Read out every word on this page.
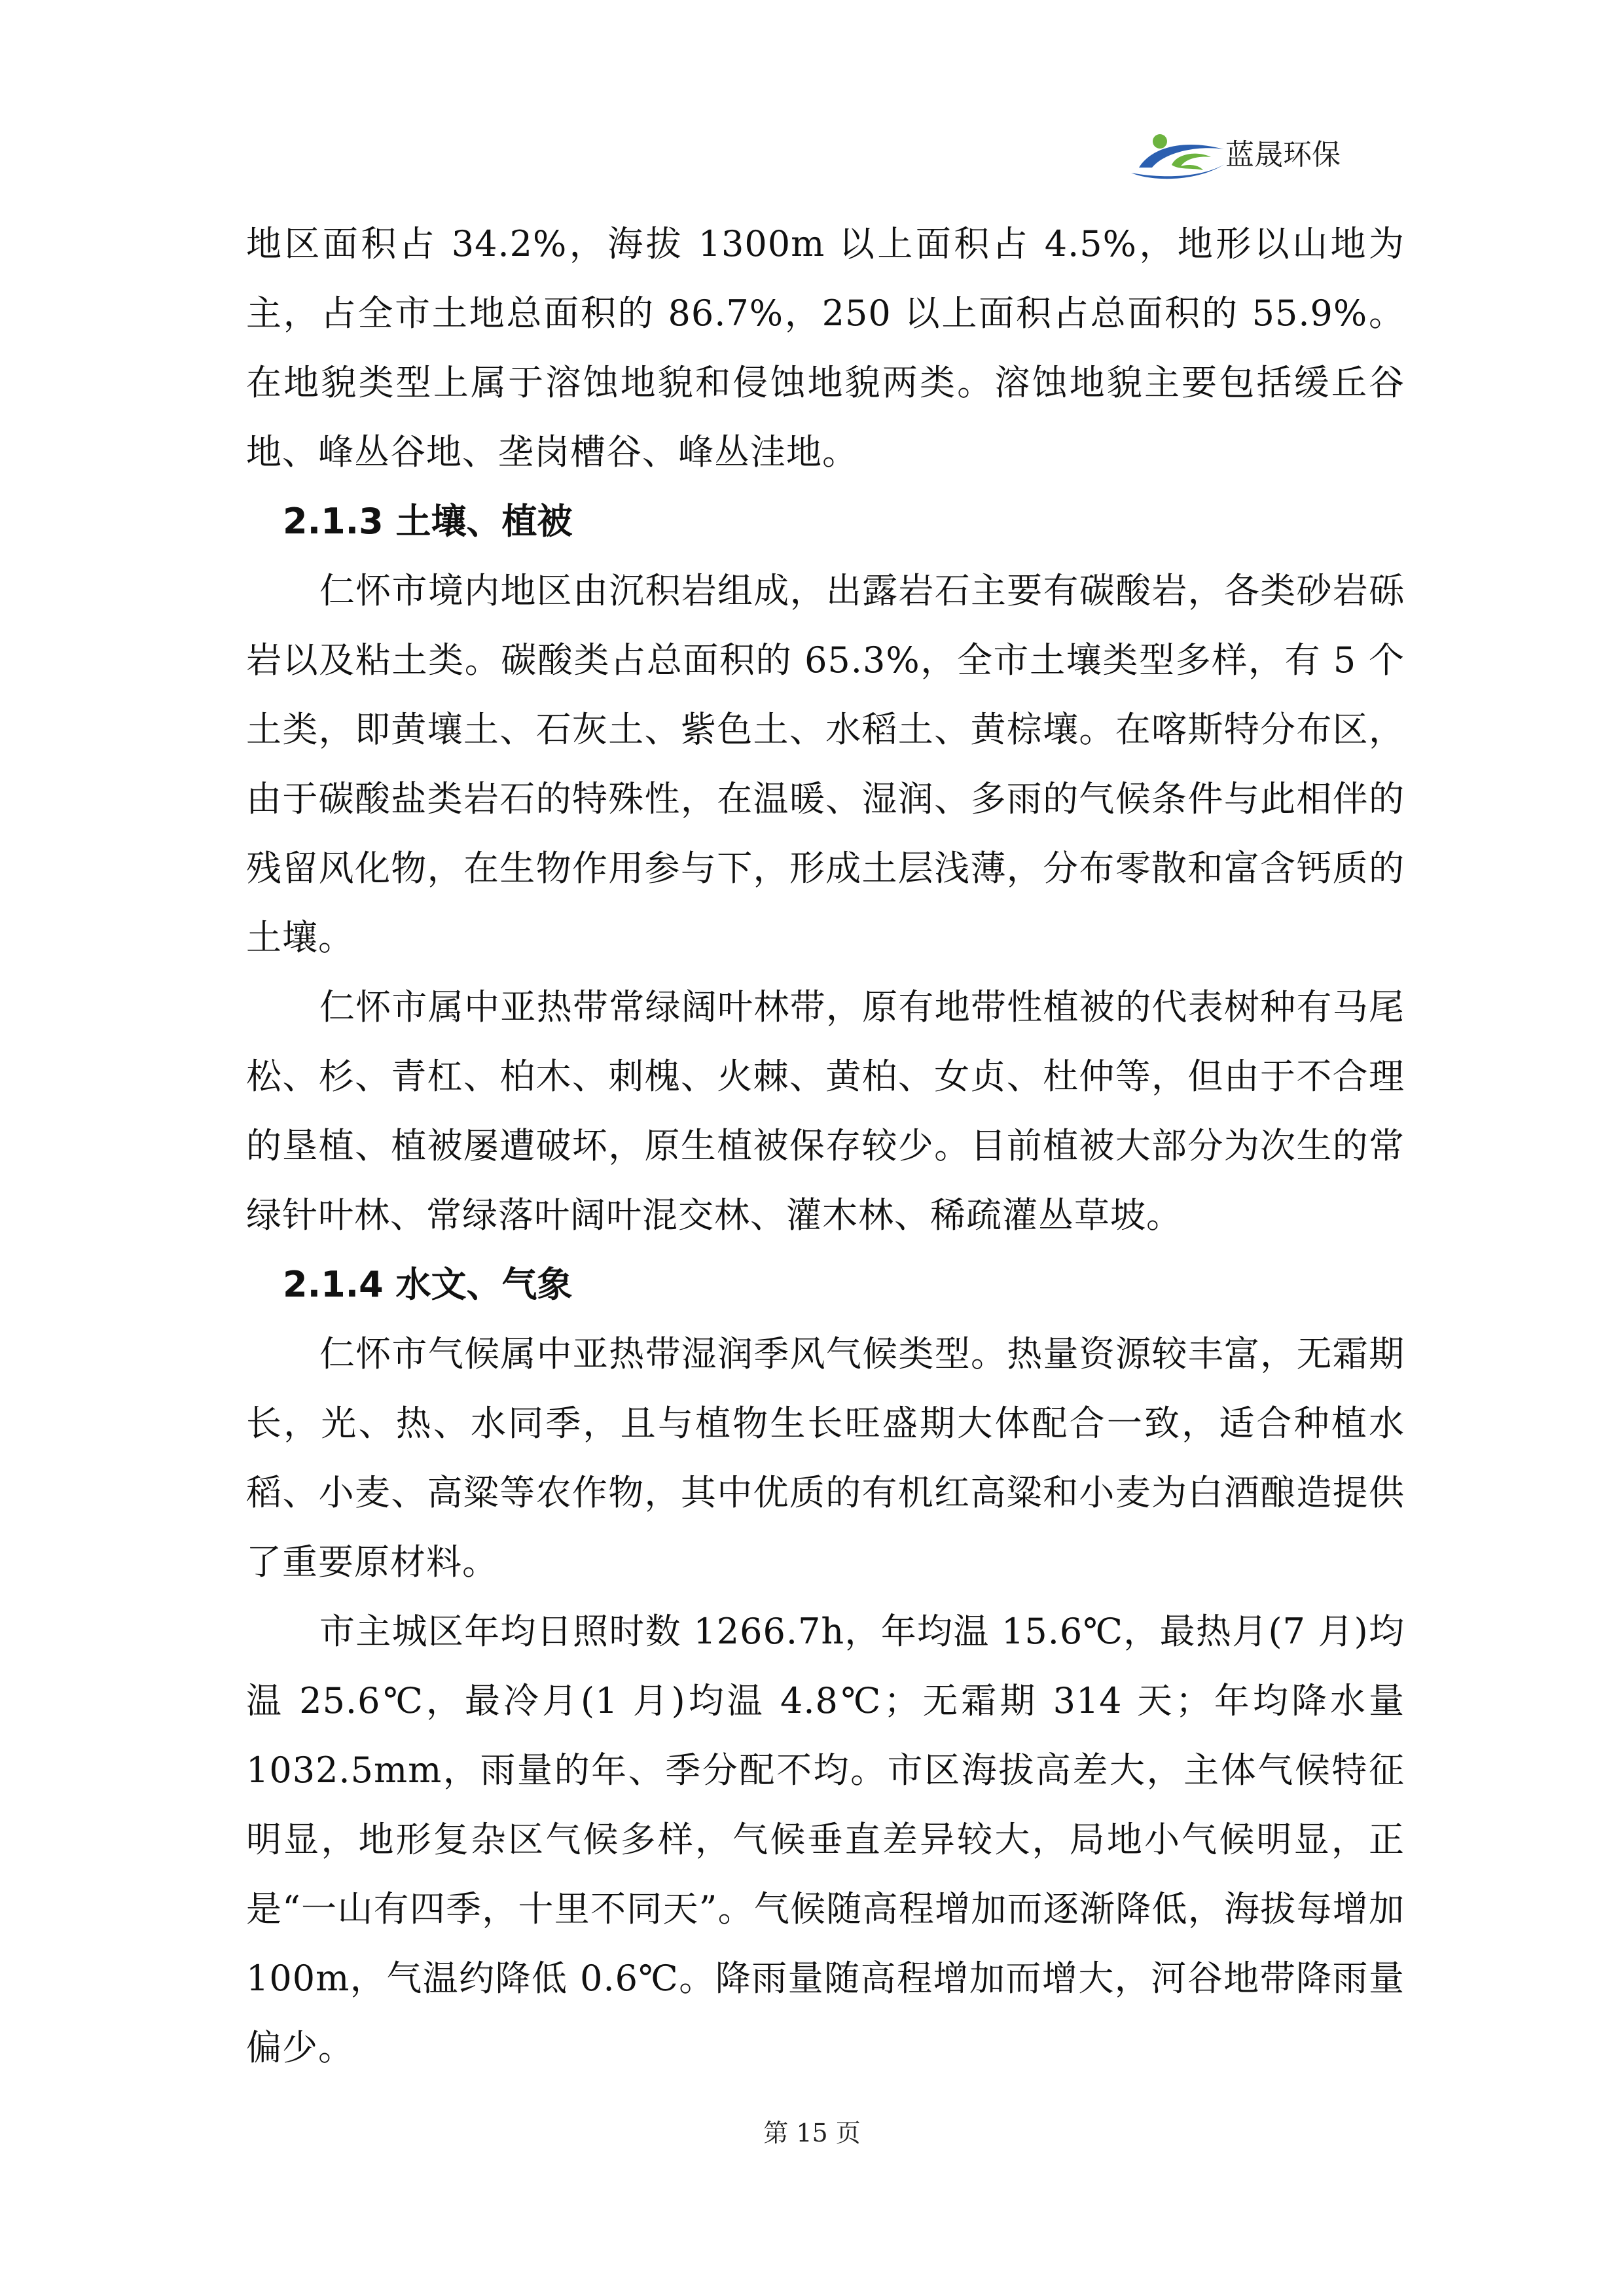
蓝晟环保

地区面积占 34.2%，海拔 1300m 以上面积占 4.5%，地形以山地为主，占全市土地总面积的 86.7%，250 以上面积占总面积的 55.9%。在地貌类型上属于溶蚀地貌和侵蚀地貌两类。溶蚀地貌主要包括缓丘谷地、峰丛谷地、垄岗槽谷、峰丛洼地。

2.1.3 土壤、植被

仁怀市境内地区由沉积岩组成，出露岩石主要有碳酸岩，各类砂岩砾岩以及粘土类。碳酸类占总面积的 65.3%，全市土壤类型多样，有 5 个土类，即黄壤土、石灰土、紫色土、水稻土、黄棕壤。在喀斯特分布区，由于碳酸盐类岩石的特殊性，在温暖、湿润、多雨的气候条件与此相伴的残留风化物，在生物作用参与下，形成土层浅薄，分布零散和富含钙质的土壤。

仁怀市属中亚热带常绿阔叶林带，原有地带性植被的代表树种有马尾松、杉、青杠、柏木、刺槐、火棘、黄柏、女贞、杜仲等，但由于不合理的垦植、植被屡遭破坏，原生植被保存较少。目前植被大部分为次生的常绿针叶林、常绿落叶阔叶混交林、灌木林、稀疏灌丛草坡。

2.1.4 水文、气象

仁怀市气候属中亚热带湿润季风气候类型。热量资源较丰富，无霜期长，光、热、水同季，且与植物生长旺盛期大体配合一致，适合种植水稻、小麦、高粱等农作物，其中优质的有机红高粱和小麦为白酒酿造提供了重要原材料。

市主城区年均日照时数 1266.7h，年均温 15.6℃，最热月(7 月)均温 25.6℃，最冷月(1 月)均温 4.8℃；无霜期 314 天；年均降水量 1032.5mm，雨量的年、季分配不均。市区海拔高差大，主体气候特征明显，地形复杂区气候多样，气候垂直差异较大，局地小气候明显，正是“一山有四季，十里不同天”。气候随高程增加而逐渐降低，海拔每增加 100m，气温约降低 0.6℃。降雨量随高程增加而增大，河谷地带降雨量偏少。

第 15 页
